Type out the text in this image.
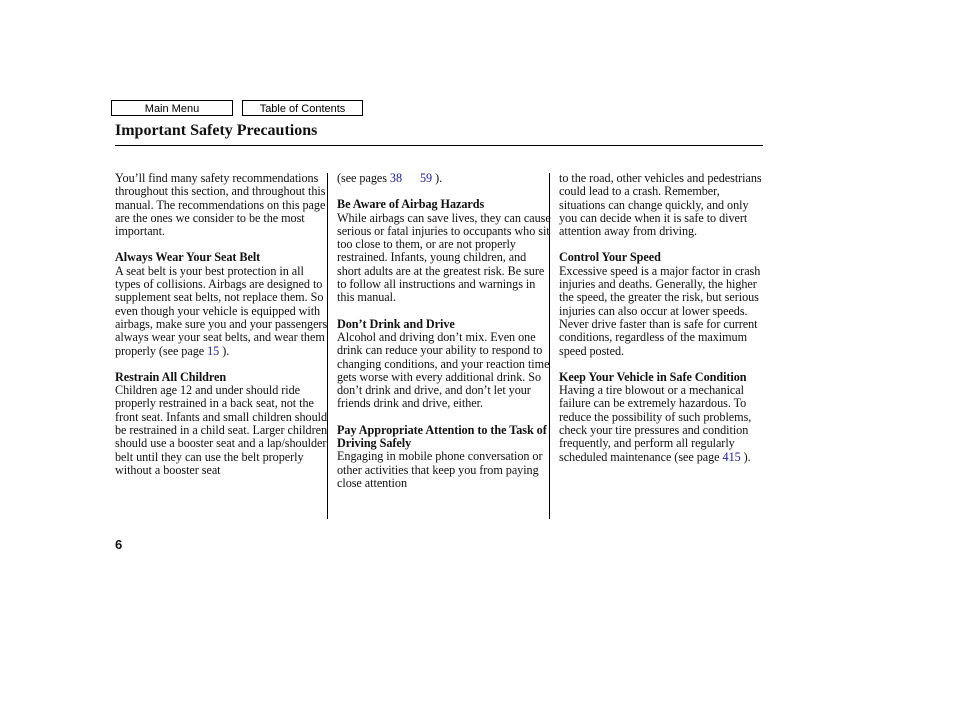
Main Menu	Table of Contents
Important Safety Precautions

You’ll find many safety recommendations throughout this section, and throughout this manual. The recommendations on this page are the ones we consider to be the most important.

Always Wear Your Seat Belt

A seat belt is your best protection in all types of collisions. Airbags are designed to supplement seat belts, not replace them. So even though your vehicle is equipped with airbags, make sure you and your passengers always wear your seat belts, and wear them properly (see page 15 ).

Restrain All Children

Children age 12 and under should ride properly restrained in a back seat, not the front seat. Infants and small children should be restrained in a child seat. Larger children should use a booster seat and a lap/shoulder belt until they can use the belt properly without a booster seat

(see pages 38 59 ).

Be Aware of Airbag Hazards

While airbags can save lives, they can cause serious or fatal injuries to occupants who sit too close to them, or are not properly restrained. Infants, young children, and short adults are at the greatest risk. Be sure to follow all instructions and warnings in this manual.

Don’t Drink and Drive

Alcohol and driving don’t mix. Even one drink can reduce your ability to respond to changing conditions, and your reaction time gets worse with every additional drink. So don’t drink and drive, and don’t let your friends drink and drive, either.

Pay Appropriate Attention to the Task of Driving Safely

Engaging in mobile phone conversation or other activities that keep you from paying close attention

to the road, other vehicles and pedestrians could lead to a crash. Remember, situations can change quickly, and only you can decide when it is safe to divert attention away from driving.

Control Your Speed

Excessive speed is a major factor in crash injuries and deaths. Generally, the higher the speed, the greater the risk, but serious injuries can also occur at lower speeds. Never drive faster than is safe for current conditions, regardless of the maximum speed posted.

Keep Your Vehicle in Safe Condition

Having a tire blowout or a mechanical failure can be extremely hazardous. To reduce the possibility of such problems, check your tire pressures and condition frequently, and perform all regularly scheduled maintenance (see page 415 ).

6
